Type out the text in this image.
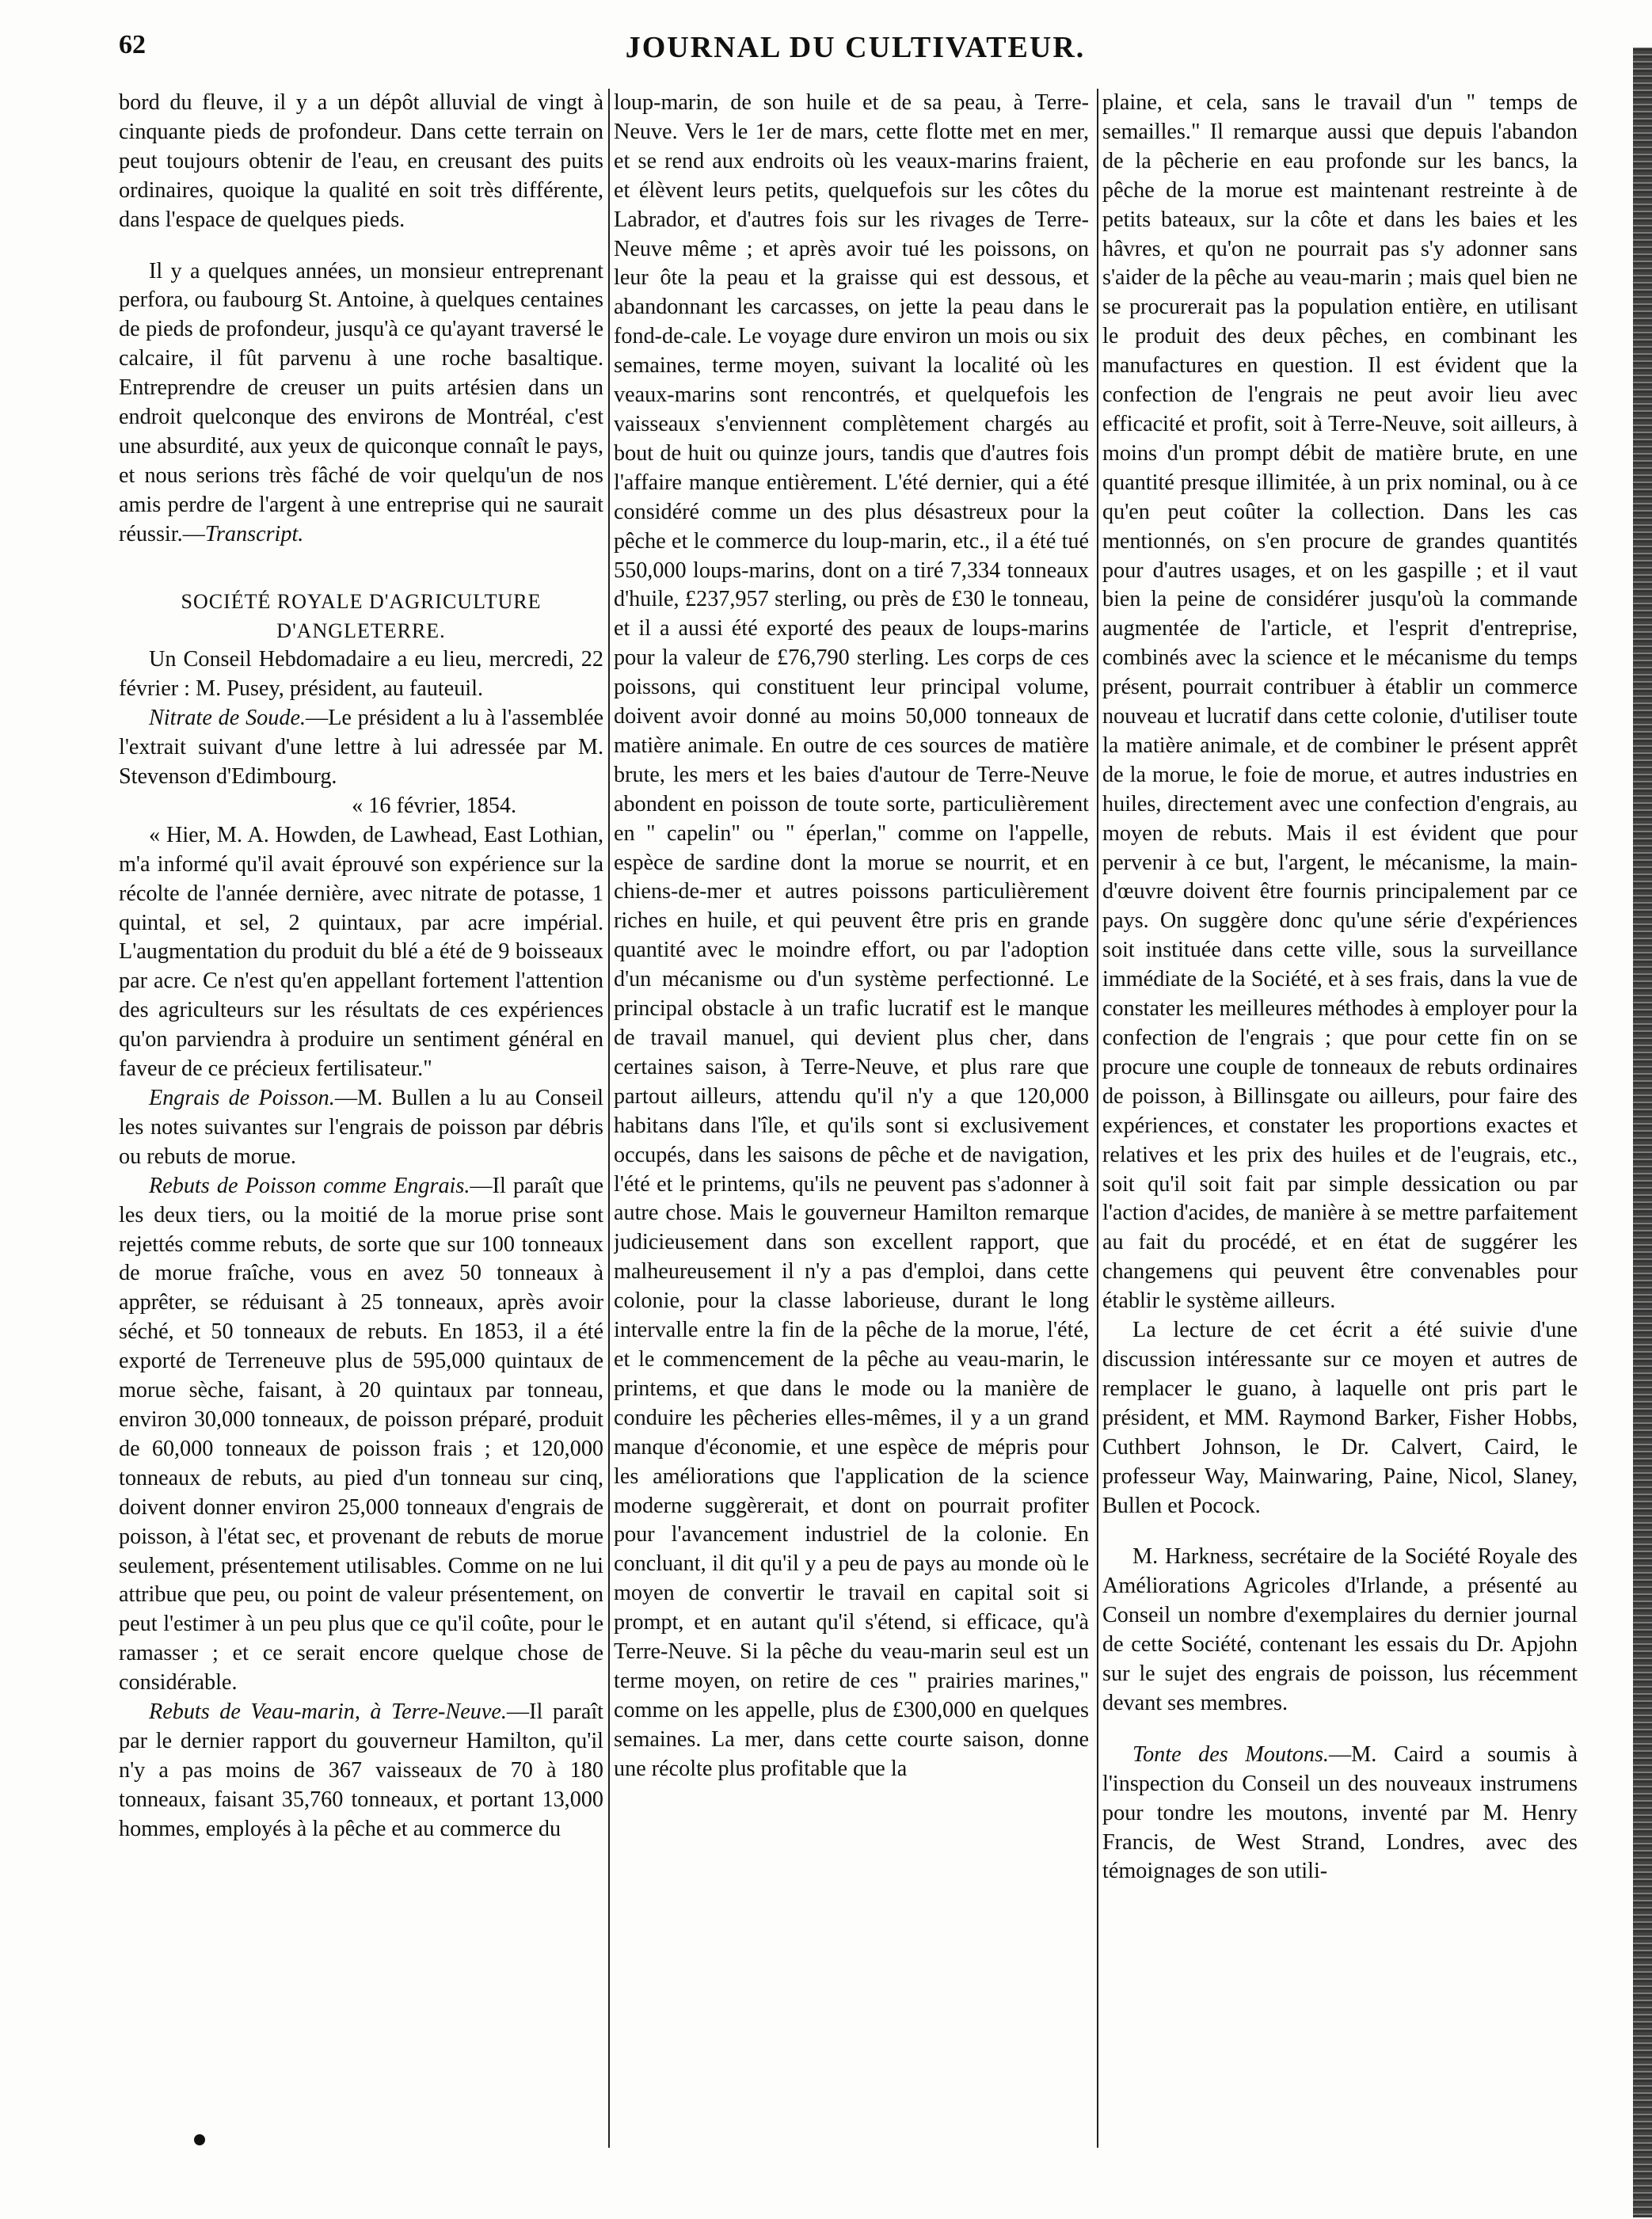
62	JOURNAL DU CULTIVATEUR.

bord du fleuve, il y a un dépôt alluvial de vingt à cinquante pieds de profondeur. Dans cette terrain on peut toujours obtenir de l'eau, en creusant des puits ordinaires, quoique la qualité en soit très différente, dans l'espace de quelques pieds.

Il y a quelques années, un monsieur entreprenant perfora, ou faubourg St. Antoine, à quelques centaines de pieds de profondeur, jusqu'à ce qu'ayant traversé le calcaire, il fût parvenu à une roche basaltique. Entreprendre de creuser un puits artésien dans un endroit quelconque des environs de Montréal, c'est une absurdité, aux yeux de quiconque connaît le pays, et nous serions très fâché de voir quelqu'un de nos amis perdre de l'argent à une entreprise qui ne saurait réussir.—Transcript.

SOCIÉTÉ ROYALE D'AGRICULTURE

D'ANGLETERRE.

Un Conseil Hebdomadaire a eu lieu, mercredi, 22 février : M. Pusey, président, au fauteuil.

Nitrate de Soude.—Le président a lu à l'assemblée l'extrait suivant d'une lettre à lui adressée par M. Stevenson d'Edimbourg.

« 16 février, 1854.

« Hier, M. A. Howden, de Lawhead, East Lothian, m'a informé qu'il avait éprouvé son expérience sur la récolte de l'année dernière, avec nitrate de potasse, 1 quintal, et sel, 2 quintaux, par acre impérial. L'augmentation du produit du blé a été de 9 boisseaux par acre. Ce n'est qu'en appellant fortement l'attention des agriculteurs sur les résultats de ces expériences qu'on parviendra à produire un sentiment général en faveur de ce précieux fertilisateur."

Engrais de Poisson.—M. Bullen a lu au Conseil les notes suivantes sur l'engrais de poisson par débris ou rebuts de morue.

Rebuts de Poisson comme Engrais.—Il paraît que les deux tiers, ou la moitié de la morue prise sont rejettés comme rebuts, de sorte que sur 100 tonneaux de morue fraîche, vous en avez 50 tonneaux à apprêter, se réduisant à 25 tonneaux, après avoir séché, et 50 tonneaux de rebuts. En 1853, il a été exporté de Terreneuve plus de 595,000 quintaux de morue sèche, faisant, à 20 quintaux par tonneau, environ 30,000 tonneaux, de poisson préparé, produit de 60,000 tonneaux de poisson frais ; et 120,000 tonneaux de rebuts, au pied d'un tonneau sur cinq, doivent donner environ 25,000 tonneaux d'engrais de poisson, à l'état sec, et provenant de rebuts de morue seulement, présentement utilisables. Comme on ne lui attribue que peu, ou point de valeur présentement, on peut l'estimer à un peu plus que ce qu'il coûte, pour le ramasser ; et ce serait encore quelque chose de considérable.

Rebuts de Veau-marin, à Terre-Neuve.—Il paraît par le dernier rapport du gouverneur Hamilton, qu'il n'y a pas moins de 367 vaisseaux de 70 à 180 tonneaux, faisant 35,760 tonneaux, et portant 13,000 hommes, employés à la pêche et au commerce du

loup-marin, de son huile et de sa peau, à Terre-Neuve. Vers le 1er de mars, cette flotte met en mer, et se rend aux endroits où les veaux-marins fraient, et élèvent leurs petits, quelquefois sur les côtes du Labrador, et d'autres fois sur les rivages de Terre-Neuve même ; et après avoir tué les poissons, on leur ôte la peau et la graisse qui est dessous, et abandonnant les carcasses, on jette la peau dans le fond-de-cale. Le voyage dure environ un mois ou six semaines, terme moyen, suivant la localité où les veaux-marins sont rencontrés, et quelquefois les vaisseaux s'enviennent complètement chargés au bout de huit ou quinze jours, tandis que d'autres fois l'affaire manque entièrement. L'été dernier, qui a été considéré comme un des plus désastreux pour la pêche et le commerce du loup-marin, etc., il a été tué 550,000 loups-marins, dont on a tiré 7,334 tonneaux d'huile, £237,957 sterling, ou près de £30 le tonneau, et il a aussi été exporté des peaux de loups-marins pour la valeur de £76,790 sterling. Les corps de ces poissons, qui constituent leur principal volume, doivent avoir donné au moins 50,000 tonneaux de matière animale. En outre de ces sources de matière brute, les mers et les baies d'autour de Terre-Neuve abondent en poisson de toute sorte, particulièrement en " capelin" ou " éperlan," comme on l'appelle, espèce de sardine dont la morue se nourrit, et en chiens-de-mer et autres poissons particulièrement riches en huile, et qui peuvent être pris en grande quantité avec le moindre effort, ou par l'adoption d'un mécanisme ou d'un système perfectionné. Le principal obstacle à un trafic lucratif est le manque de travail manuel, qui devient plus cher, dans certaines saison, à Terre-Neuve, et plus rare que partout ailleurs, attendu qu'il n'y a que 120,000 habitans dans l'île, et qu'ils sont si exclusivement occupés, dans les saisons de pêche et de navigation, l'été et le printems, qu'ils ne peuvent pas s'adonner à autre chose. Mais le gouverneur Hamilton remarque judicieusement dans son excellent rapport, que malheureusement il n'y a pas d'emploi, dans cette colonie, pour la classe laborieuse, durant le long intervalle entre la fin de la pêche de la morue, l'été, et le commencement de la pêche au veau-marin, le printems, et que dans le mode ou la manière de conduire les pêcheries elles-mêmes, il y a un grand manque d'économie, et une espèce de mépris pour les améliorations que l'application de la science moderne suggèrerait, et dont on pourrait profiter pour l'avancement industriel de la colonie. En concluant, il dit qu'il y a peu de pays au monde où le moyen de convertir le travail en capital soit si prompt, et en autant qu'il s'étend, si efficace, qu'à Terre-Neuve. Si la pêche du veau-marin seul est un terme moyen, on retire de ces " prairies marines," comme on les appelle, plus de £300,000 en quelques semaines. La mer, dans cette courte saison, donne une récolte plus profitable que la

plaine, et cela, sans le travail d'un " temps de semailles." Il remarque aussi que depuis l'abandon de la pêcherie en eau profonde sur les bancs, la pêche de la morue est maintenant restreinte à de petits bateaux, sur la côte et dans les baies et les hâvres, et qu'on ne pourrait pas s'y adonner sans s'aider de la pêche au veau-marin ; mais quel bien ne se procurerait pas la population entière, en utilisant le produit des deux pêches, en combinant les manufactures en question. Il est évident que la confection de l'engrais ne peut avoir lieu avec efficacité et profit, soit à Terre-Neuve, soit ailleurs, à moins d'un prompt débit de matière brute, en une quantité presque illimitée, à un prix nominal, ou à ce qu'en peut coûter la collection. Dans les cas mentionnés, on s'en procure de grandes quantités pour d'autres usages, et on les gaspille ; et il vaut bien la peine de considérer jusqu'où la commande augmentée de l'article, et l'esprit d'entreprise, combinés avec la science et le mécanisme du temps présent, pourrait contribuer à établir un commerce nouveau et lucratif dans cette colonie, d'utiliser toute la matière animale, et de combiner le présent apprêt de la morue, le foie de morue, et autres industries en huiles, directement avec une confection d'engrais, au moyen de rebuts. Mais il est évident que pour pervenir à ce but, l'argent, le mécanisme, la main-d'œuvre doivent être fournis principalement par ce pays. On suggère donc qu'une série d'expériences soit instituée dans cette ville, sous la surveillance immédiate de la Société, et à ses frais, dans la vue de constater les meilleures méthodes à employer pour la confection de l'engrais ; que pour cette fin on se procure une couple de tonneaux de rebuts ordinaires de poisson, à Billinsgate ou ailleurs, pour faire des expériences, et constater les proportions exactes et relatives et les prix des huiles et de l'eugrais, etc., soit qu'il soit fait par simple dessication ou par l'action d'acides, de manière à se mettre parfaitement au fait du procédé, et en état de suggérer les changemens qui peuvent être convenables pour établir le système ailleurs.

La lecture de cet écrit a été suivie d'une discussion intéressante sur ce moyen et autres de remplacer le guano, à laquelle ont pris part le président, et MM. Raymond Barker, Fisher Hobbs, Cuthbert Johnson, le Dr. Calvert, Caird, le professeur Way, Mainwaring, Paine, Nicol, Slaney, Bullen et Pocock.

M. Harkness, secrétaire de la Société Royale des Améliorations Agricoles d'Irlande, a présenté au Conseil un nombre d'exemplaires du dernier journal de cette Société, contenant les essais du Dr. Apjohn sur le sujet des engrais de poisson, lus récemment devant ses membres.

Tonte des Moutons.—M. Caird a soumis à l'inspection du Conseil un des nouveaux instrumens pour tondre les moutons, inventé par M. Henry Francis, de West Strand, Londres, avec des témoignages de son utili-
